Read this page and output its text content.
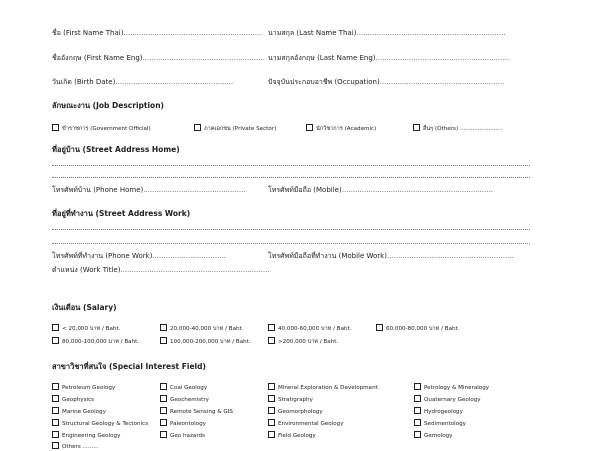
ชื่อ (First Name Thai).............................................................. นามสกุล (Last Name Thai)...................................................................
ชื่ออังกฤษ (First Name Eng)....................................................... นามสกุลอังกฤษ (Last Name Eng)............................................................
วันเกิด (Birth Date).....................................................	ปัจจุบันประกอบอาชีพ (Occupation)........................................................
ลักษณะงาน (Job Description)
ข้าราชการ (Government Official)	ภาคเอกชน (Private Sector)	นักวิชาการ (Academic)	อื่นๆ (Others) ........................
ที่อยู่บ้าน (Street Address Home)
โทรศัพท์บ้าน (Phone Home)..............................................	โทรศัพท์มือถือ (Mobile)....................................................................
ที่อยู่ที่ทำงาน (Street Address Work)
โทรศัพท์ที่ทำงาน (Phone Work).................................	โทรศัพท์มือถือที่ทำงาน (Mobile Work).........................................................
ตำแหน่ง (Work Title)...................................................................
เงินเดือน (Salary)
< 20,000 บาท / Baht.	20,000-40,000 บาท / Baht.	40,000-60,000 บาท / Baht.	60,000-80,000 บาท / Baht.
80,000-100,000 บาท / Baht.	100,000-200,000 บาท / Baht.	>200,000 บาท / Baht.
สาขาวิชาที่สนใจ (Special Interest Field)
Petroleum Geology	Coal Geology	Mineral Exploration & Development	Petrology & Mineralogy
Geophysics	Geochemistry	Stratigraphy	Quaternary Geology
Marine Geology	Remote Sensing & GIS	Geomorphology	Hydrogeology
Structural Geology & Tectonics	Paleontology	Environmental Geology	Sedimentology
Engineering Geology	Geo hazards	Field Geology	Gemology
Others .........
